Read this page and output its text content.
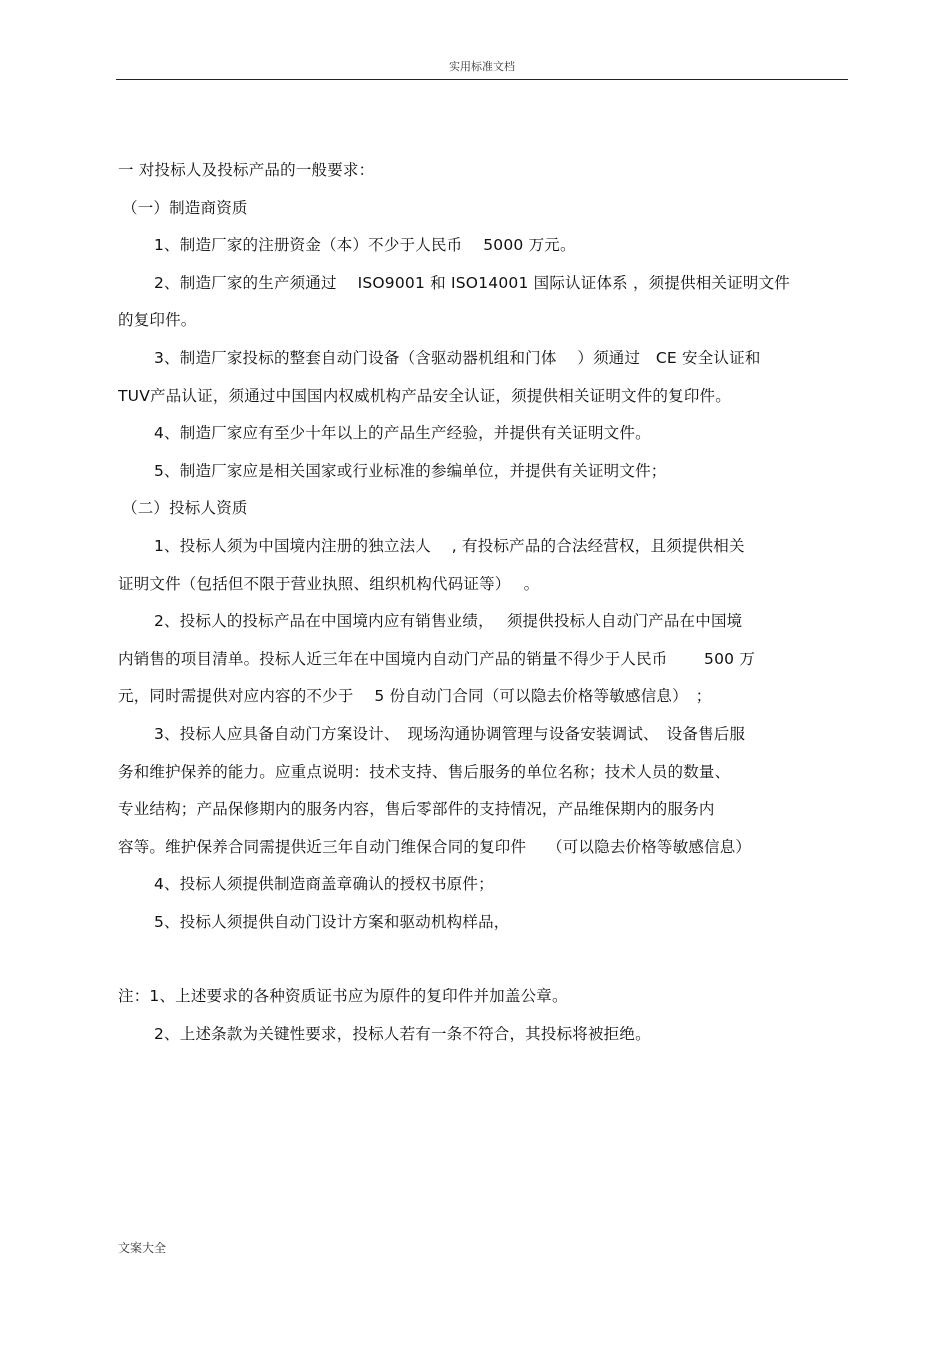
实用标准文档
一 对投标人及投标产品的一般要求：
（一）制造商资质
1、制造厂家的注册资金（本）不少于人民币　 5000 万元。
2、制造厂家的生产须通过　 ISO9001 和 ISO14001 国际认证体系 ，须提供相关证明文件
的复印件。
3、制造厂家投标的整套自动门设备（含驱动器机组和门体　 ）须通过　CE 安全认证和
TUV产品认证，须通过中国国内权威机构产品安全认证，须提供相关证明文件的复印件。
4、制造厂家应有至少十年以上的产品生产经验，并提供有关证明文件。
5、制造厂家应是相关国家或行业标准的参编单位，并提供有关证明文件；
（二）投标人资质
1、投标人须为中国境内注册的独立法人　 , 有投标产品的合法经营权，且须提供相关
证明文件（包括但不限于营业执照、组织机构代码证等）　 。
2、投标人的投标产品在中国境内应有销售业绩，　 须提供投标人自动门产品在中国境
内销售的项目清单。投标人近三年在中国境内自动门产品的销量不得少于人民币　　 500 万
元，同时需提供对应内容的不少于　 5 份自动门合同（可以隐去价格等敏感信息）　；
3、投标人应具备自动门方案设计、　现场沟通协调管理与设备安装调试、　设备售后服
务和维护保养的能力。应重点说明：技术支持、售后服务的单位名称；技术人员的数量、
专业结构；产品保修期内的服务内容，售后零部件的支持情况，产品维保期内的服务内
容等。维护保养合同需提供近三年自动门维保合同的复印件　 （可以隐去价格等敏感信息）
4、投标人须提供制造商盖章确认的授权书原件；
5、投标人须提供自动门设计方案和驱动机构样品，
注：1、上述要求的各种资质证书应为原件的复印件并加盖公章。
2、上述条款为关键性要求，投标人若有一条不符合，其投标将被拒绝。
文案大全
